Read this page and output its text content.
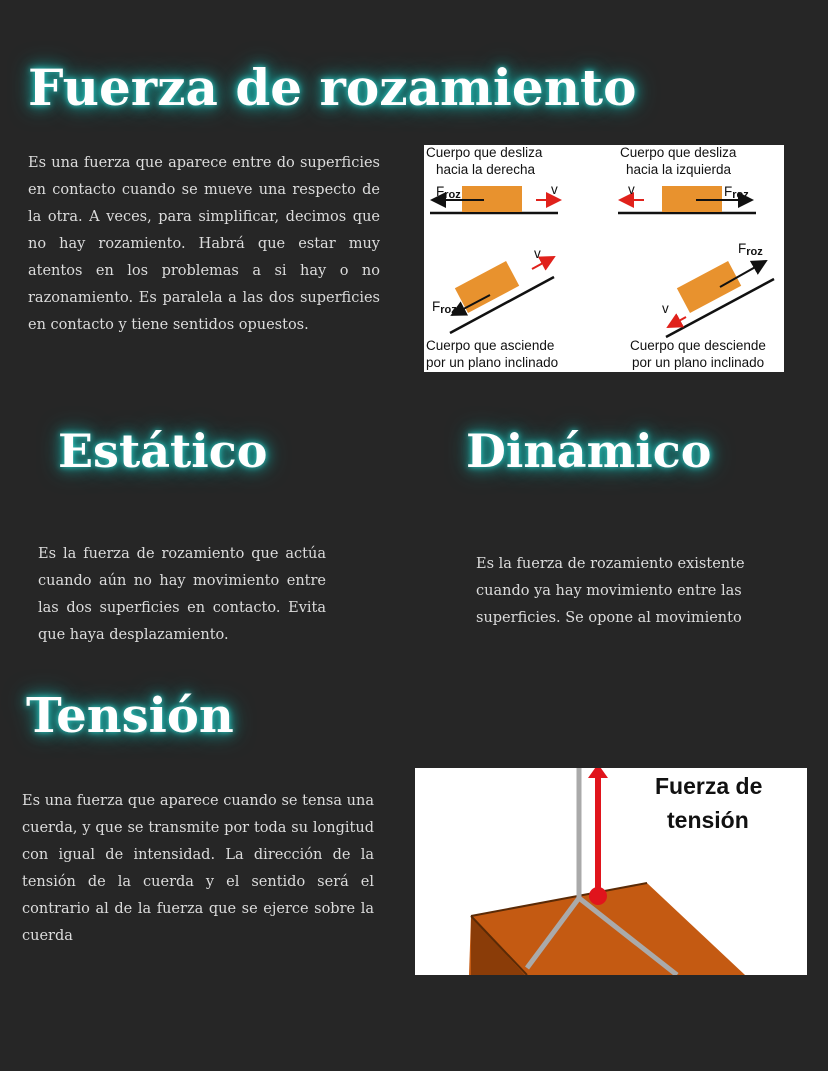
Fuerza de rozamiento

Es una fuerza que aparece entre do superficies en contacto cuando se mueve una respecto de la otra. A veces, para simplificar, decimos que no hay rozamiento. Habrá que estar muy atentos en los problemas a si hay o no razonamiento. Es paralela a las dos superficies en contacto y tiene sentidos opuestos.

Cuerpo que desliza
hacia la derecha
Froz	v
Cuerpo que desliza
hacia la izquierda
Froz
v
Froz
v
Cuerpo que asciende
por un plano inclinado
Froz
v
Cuerpo que desciende
por un plano inclinado
Estático

Es la fuerza de rozamiento que actúa cuando aún no hay movimiento entre las dos superficies en contacto. Evita que haya desplazamiento.

Dinámico

Es la fuerza de rozamiento existente cuando ya hay movimiento entre las superficies. Se opone al movimiento

Tensión

Es una fuerza que aparece cuando se tensa una cuerda, y que se transmite por toda su longitud con igual de intensidad. La dirección de la tensión de la cuerda y el sentido será el contrario al de la fuerza que se ejerce sobre la cuerda

Fuerza de
tensión
